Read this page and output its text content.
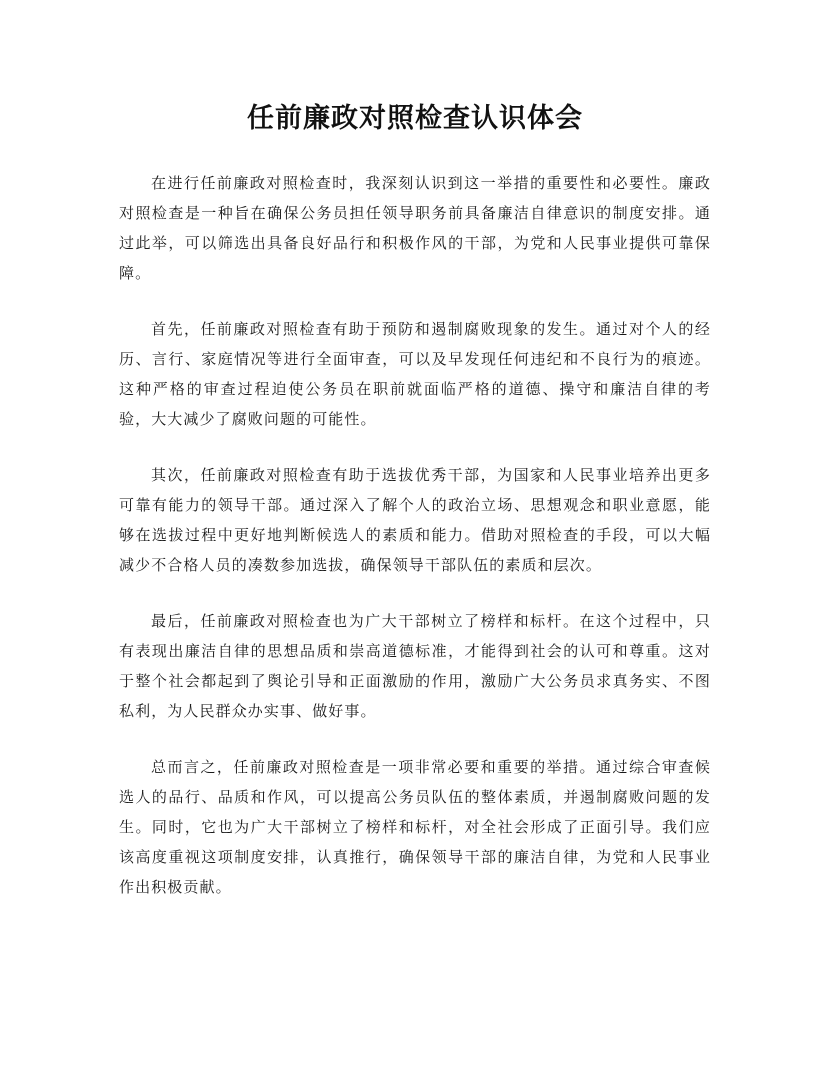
任前廉政对照检查认识体会

在进行任前廉政对照检查时，我深刻认识到这一举措的重要性和必要性。廉政对照检查是一种旨在确保公务员担任领导职务前具备廉洁自律意识的制度安排。通过此举，可以筛选出具备良好品行和积极作风的干部，为党和人民事业提供可靠保障。

首先，任前廉政对照检查有助于预防和遏制腐败现象的发生。通过对个人的经历、言行、家庭情况等进行全面审查，可以及早发现任何违纪和不良行为的痕迹。这种严格的审查过程迫使公务员在职前就面临严格的道德、操守和廉洁自律的考验，大大减少了腐败问题的可能性。

其次，任前廉政对照检查有助于选拔优秀干部，为国家和人民事业培养出更多可靠有能力的领导干部。通过深入了解个人的政治立场、思想观念和职业意愿，能够在选拔过程中更好地判断候选人的素质和能力。借助对照检查的手段，可以大幅减少不合格人员的凑数参加选拔，确保领导干部队伍的素质和层次。

最后，任前廉政对照检查也为广大干部树立了榜样和标杆。在这个过程中，只有表现出廉洁自律的思想品质和崇高道德标准，才能得到社会的认可和尊重。这对于整个社会都起到了舆论引导和正面激励的作用，激励广大公务员求真务实、不图私利，为人民群众办实事、做好事。

总而言之，任前廉政对照检查是一项非常必要和重要的举措。通过综合审查候选人的品行、品质和作风，可以提高公务员队伍的整体素质，并遏制腐败问题的发生。同时，它也为广大干部树立了榜样和标杆，对全社会形成了正面引导。我们应该高度重视这项制度安排，认真推行，确保领导干部的廉洁自律，为党和人民事业作出积极贡献。
